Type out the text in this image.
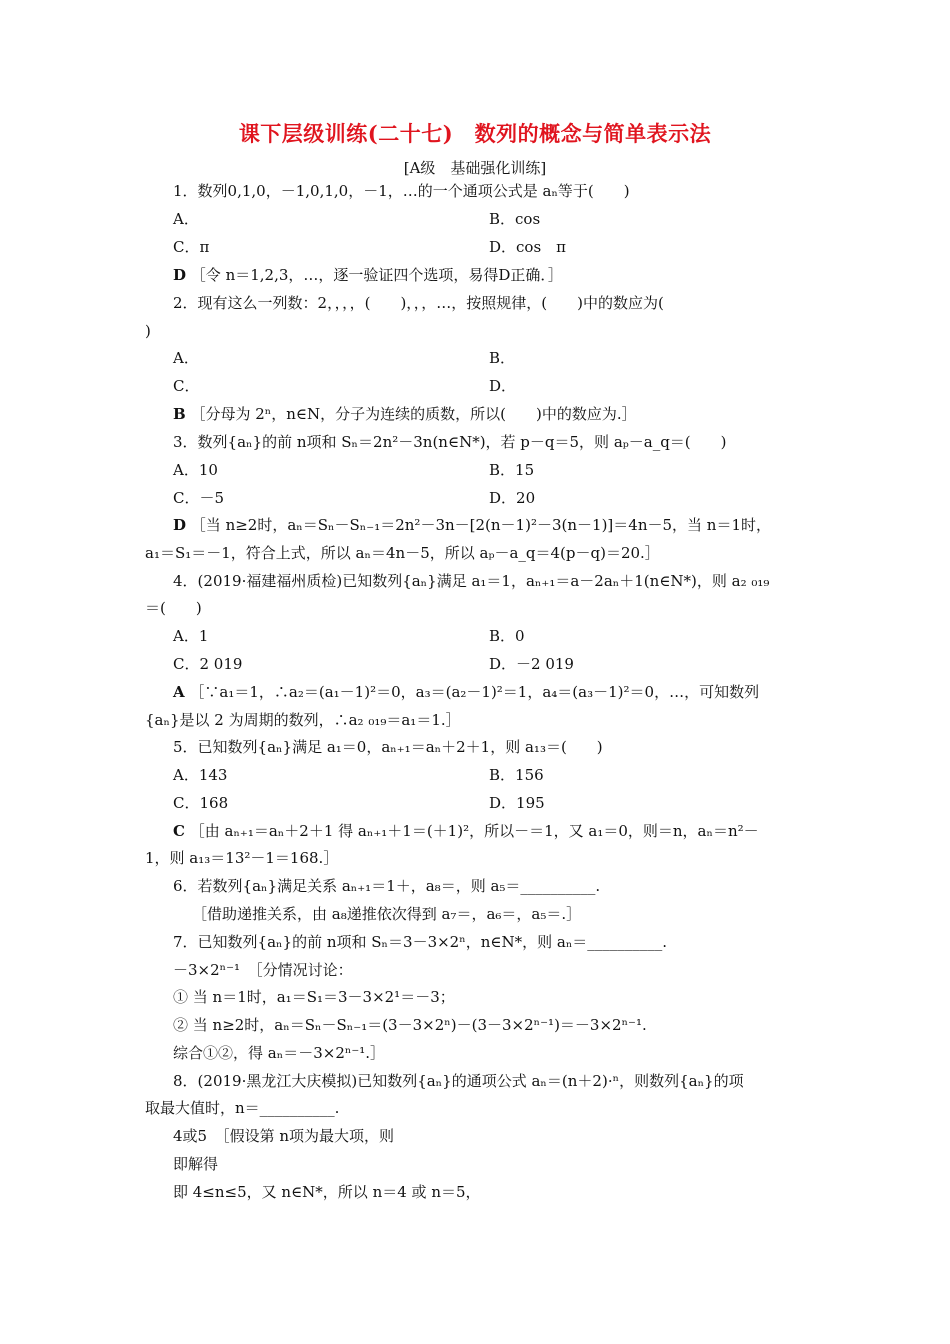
课下层级训练(二十七)　数列的概念与简单表示法
[A级　基础强化训练]
1．数列0,1,0，－1,0,1,0，－1，…的一个通项公式是 aₙ等于(　　)
A．	B．cos
C．π	D．cos　π
D ［令 n＝1,2,3，…，逐一验证四个选项，易得D正确．］
2．现有这么一列数：2，，，，(　　)，，，…，按照规律，(　　)中的数应为(
)
A．	B．
C．	D．
B ［分母为 2ⁿ，n∈N，分子为连续的质数，所以(　　)中的数应为.］
3．数列{aₙ}的前 n项和 Sₙ＝2n²－3n(n∈N*)，若 p－q＝5，则 aₚ－a_q＝(　　)
A．10	B．15
C．－5	D．20
D ［当 n≥2时，aₙ＝Sₙ－Sₙ₋₁＝2n²－3n－[2(n－1)²－3(n－1)]＝4n－5，当 n＝1时，
a₁＝S₁＝－1，符合上式，所以 aₙ＝4n－5，所以 aₚ－a_q＝4(p－q)＝20.］
4．(2019·福建福州质检)已知数列{aₙ}满足 a₁＝1，aₙ₊₁＝a－2aₙ＋1(n∈N*)，则 a₂ ₀₁₉
＝(　　)
A．1	B．0
C．2 019	D．－2 019
A ［∵a₁＝1，∴a₂＝(a₁－1)²＝0，a₃＝(a₂－1)²＝1，a₄＝(a₃－1)²＝0，…，可知数列
{aₙ}是以 2 为周期的数列，∴a₂ ₀₁₉＝a₁＝1.］
5．已知数列{aₙ}满足 a₁＝0，aₙ₊₁＝aₙ＋2＋1，则 a₁₃＝(　　)
A．143	B．156
C．168	D．195
C ［由 aₙ₊₁＝aₙ＋2＋1 得 aₙ₊₁＋1＝(＋1)²，所以－＝1，又 a₁＝0，则＝n，aₙ＝n²－
1，则 a₁₃＝13²－1＝168.］
6．若数列{aₙ}满足关系 aₙ₊₁＝1＋，a₈＝，则 a₅＝__________.
［借助递推关系，由 a₈递推依次得到 a₇＝，a₆＝，a₅＝.］
7．已知数列{aₙ}的前 n项和 Sₙ＝3－3×2ⁿ，n∈N*，则 aₙ＝__________.
－3×2ⁿ⁻¹　［分情况讨论：
① 当 n＝1时，a₁＝S₁＝3－3×2¹＝－3；
② 当 n≥2时，aₙ＝Sₙ－Sₙ₋₁＝(3－3×2ⁿ)－(3－3×2ⁿ⁻¹)＝－3×2ⁿ⁻¹.
综合①②，得 aₙ＝－3×2ⁿ⁻¹.］
8．(2019·黑龙江大庆模拟)已知数列{aₙ}的通项公式 aₙ＝(n＋2)·ⁿ，则数列{aₙ}的项
取最大值时，n＝__________.
4或5　［假设第 n项为最大项，则
即解得
即 4≤n≤5，又 n∈N*，所以 n＝4 或 n＝5，
